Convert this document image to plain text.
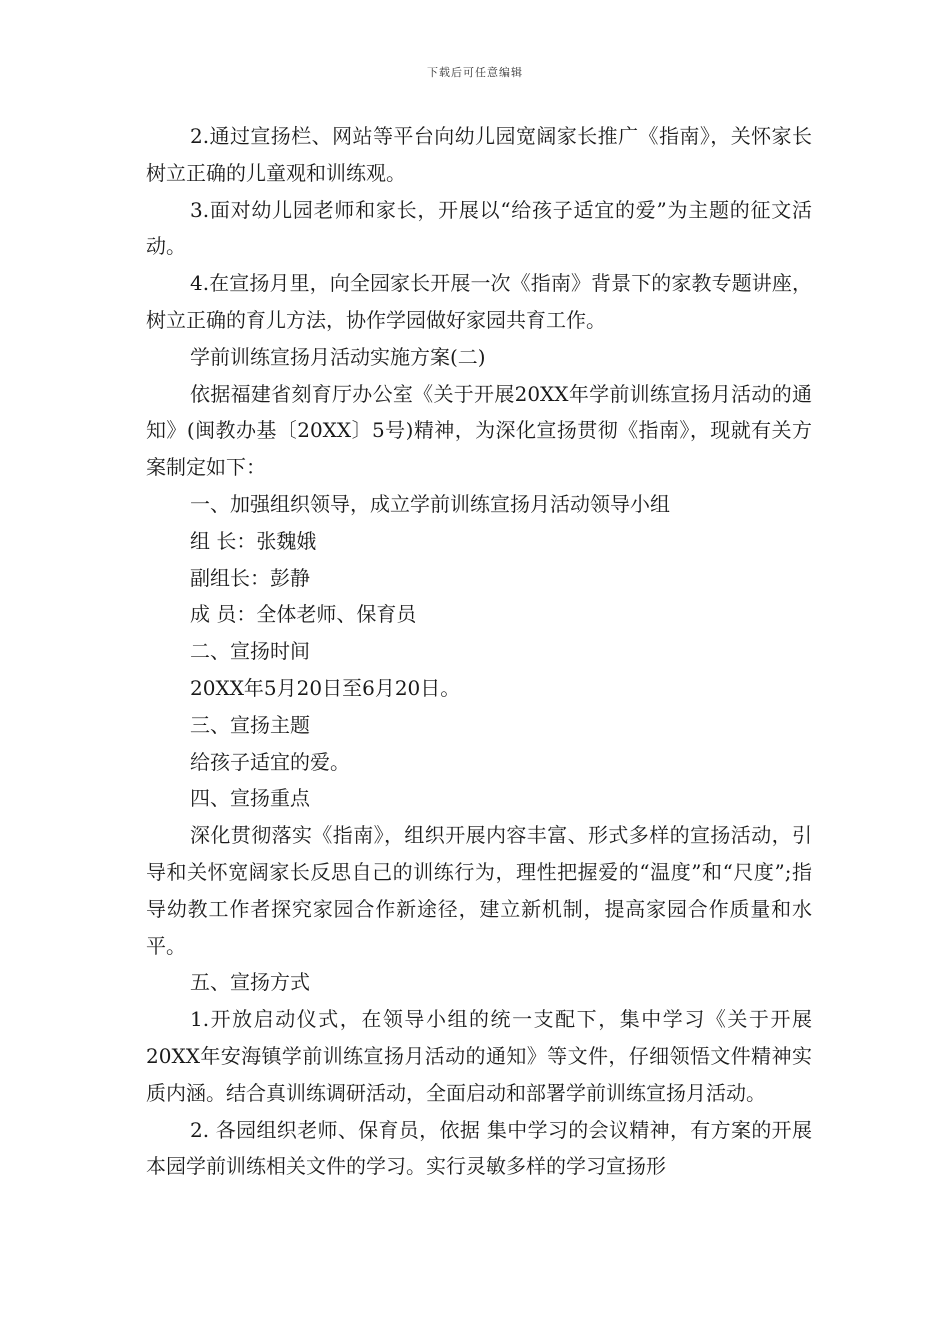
下载后可任意编辑

2.通过宣扬栏、网站等平台向幼儿园宽阔家长推广《指南》，关怀家长树立正确的儿童观和训练观。

3.面对幼儿园老师和家长，开展以“给孩子适宜的爱”为主题的征文活动。

4.在宣扬月里，向全园家长开展一次《指南》背景下的家教专题讲座，树立正确的育儿方法，协作学园做好家园共育工作。

学前训练宣扬月活动实施方案(二)

依据福建省刻育厅办公室《关于开展20XX年学前训练宣扬月活动的通知》(闽教办基〔20XX〕5号)精神，为深化宣扬贯彻《指南》，现就有关方案制定如下：

一、加强组织领导，成立学前训练宣扬月活动领导小组

组 长：张魏娥

副组长：彭静

成 员：全体老师、保育员

二、宣扬时间

20XX年5月20日至6月20日。

三、宣扬主题

给孩子适宜的爱。

四、宣扬重点

深化贯彻落实《指南》，组织开展内容丰富、形式多样的宣扬活动，引导和关怀宽阔家长反思自己的训练行为，理性把握爱的“温度”和“尺度”;指导幼教工作者探究家园合作新途径，建立新机制，提高家园合作质量和水平。

五、宣扬方式

1.开放启动仪式，在领导小组的统一支配下，集中学习《关于开展20XX年安海镇学前训练宣扬月活动的通知》等文件，仔细领悟文件精神实质内涵。结合真训练调研活动，全面启动和部署学前训练宣扬月活动。

2. 各园组织老师、保育员，依据 集中学习的会议精神，有方案的开展本园学前训练相关文件的学习。实行灵敏多样的学习宣扬形
